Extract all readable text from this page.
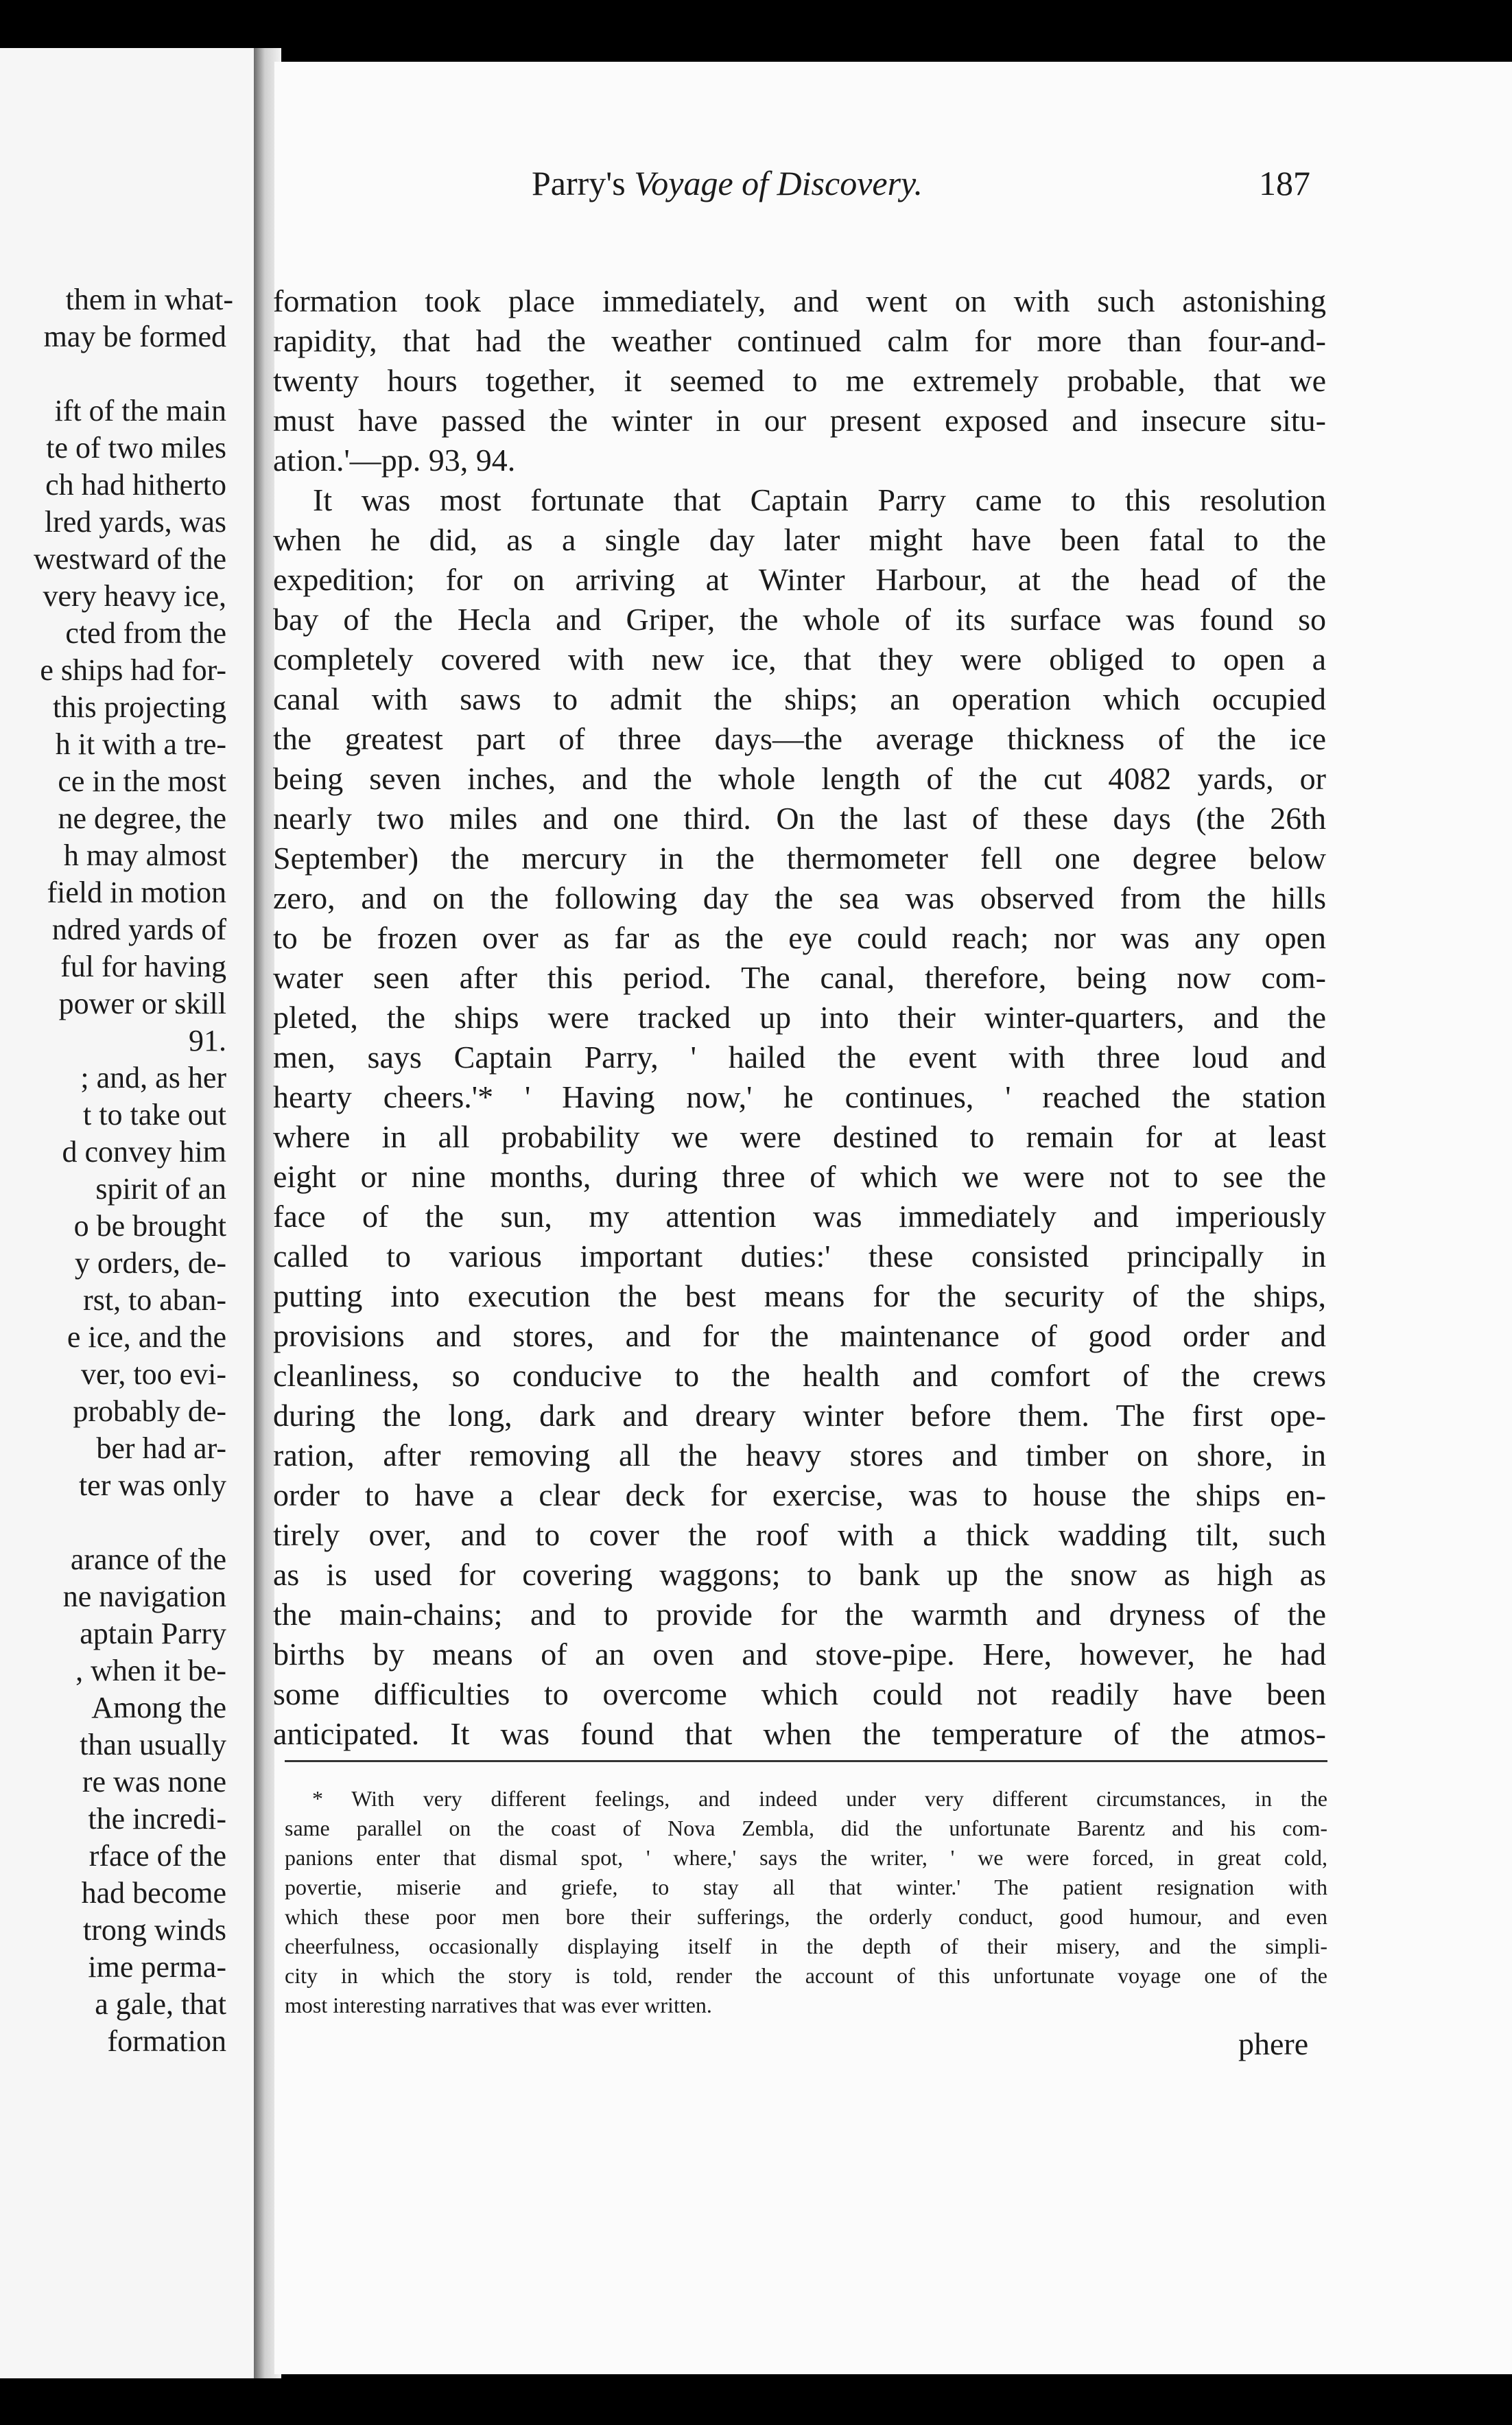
them in what-
may be formed
ift of the main
te of two miles
ch had hitherto
lred yards, was
westward of the
very heavy ice,
cted from the
e ships had for-
this projecting
h it with a tre-
ce in the most
ne degree, the
h may almost
field in motion
ndred yards of
ful for having
power or skill
91.
; and, as her
t to take out
d convey him
spirit of an
o be brought
y orders, de-
rst, to aban-
e ice, and the
ver, too evi-
probably de-
ber had ar-
ter was only
arance of the
ne navigation
aptain Parry
, when it be-
Among the
than usually
re was none
the incredi-
rface of the
had become
trong winds
ime perma-
a gale, that
formation
Parry's Voyage of Discovery.	187
formation took place immediately, and went on with such astonishing
rapidity, that had the weather continued calm for more than four-and-
twenty hours together, it seemed to me extremely probable, that we
must have passed the winter in our present exposed and insecure situ-
ation.'—pp. 93, 94.
It was most fortunate that Captain Parry came to this resolution
when he did, as a single day later might have been fatal to the
expedition; for on arriving at Winter Harbour, at the head of the
bay of the Hecla and Griper, the whole of its surface was found so
completely covered with new ice, that they were obliged to open a
canal with saws to admit the ships; an operation which occupied
the greatest part of three days—the average thickness of the ice
being seven inches, and the whole length of the cut 4082 yards, or
nearly two miles and one third. On the last of these days (the 26th
September) the mercury in the thermometer fell one degree below
zero, and on the following day the sea was observed from the hills
to be frozen over as far as the eye could reach; nor was any open
water seen after this period. The canal, therefore, being now com-
pleted, the ships were tracked up into their winter-quarters, and the
men, says Captain Parry, ' hailed the event with three loud and
hearty cheers.'* ' Having now,' he continues, ' reached the station
where in all probability we were destined to remain for at least
eight or nine months, during three of which we were not to see the
face of the sun, my attention was immediately and imperiously
called to various important duties:' these consisted principally in
putting into execution the best means for the security of the ships,
provisions and stores, and for the maintenance of good order and
cleanliness, so conducive to the health and comfort of the crews
during the long, dark and dreary winter before them. The first ope-
ration, after removing all the heavy stores and timber on shore, in
order to have a clear deck for exercise, was to house the ships en-
tirely over, and to cover the roof with a thick wadding tilt, such
as is used for covering waggons; to bank up the snow as high as
the main-chains; and to provide for the warmth and dryness of the
births by means of an oven and stove-pipe. Here, however, he had
some difficulties to overcome which could not readily have been
anticipated. It was found that when the temperature of the atmos-
* With very different feelings, and indeed under very different circumstances, in the
same parallel on the coast of Nova Zembla, did the unfortunate Barentz and his com-
panions enter that dismal spot, ' where,' says the writer, ' we were forced, in great cold,
povertie, miserie and griefe, to stay all that winter.' The patient resignation with
which these poor men bore their sufferings, the orderly conduct, good humour, and even
cheerfulness, occasionally displaying itself in the depth of their misery, and the simpli-
city in which the story is told, render the account of this unfortunate voyage one of the
most interesting narratives that was ever written.
phere
